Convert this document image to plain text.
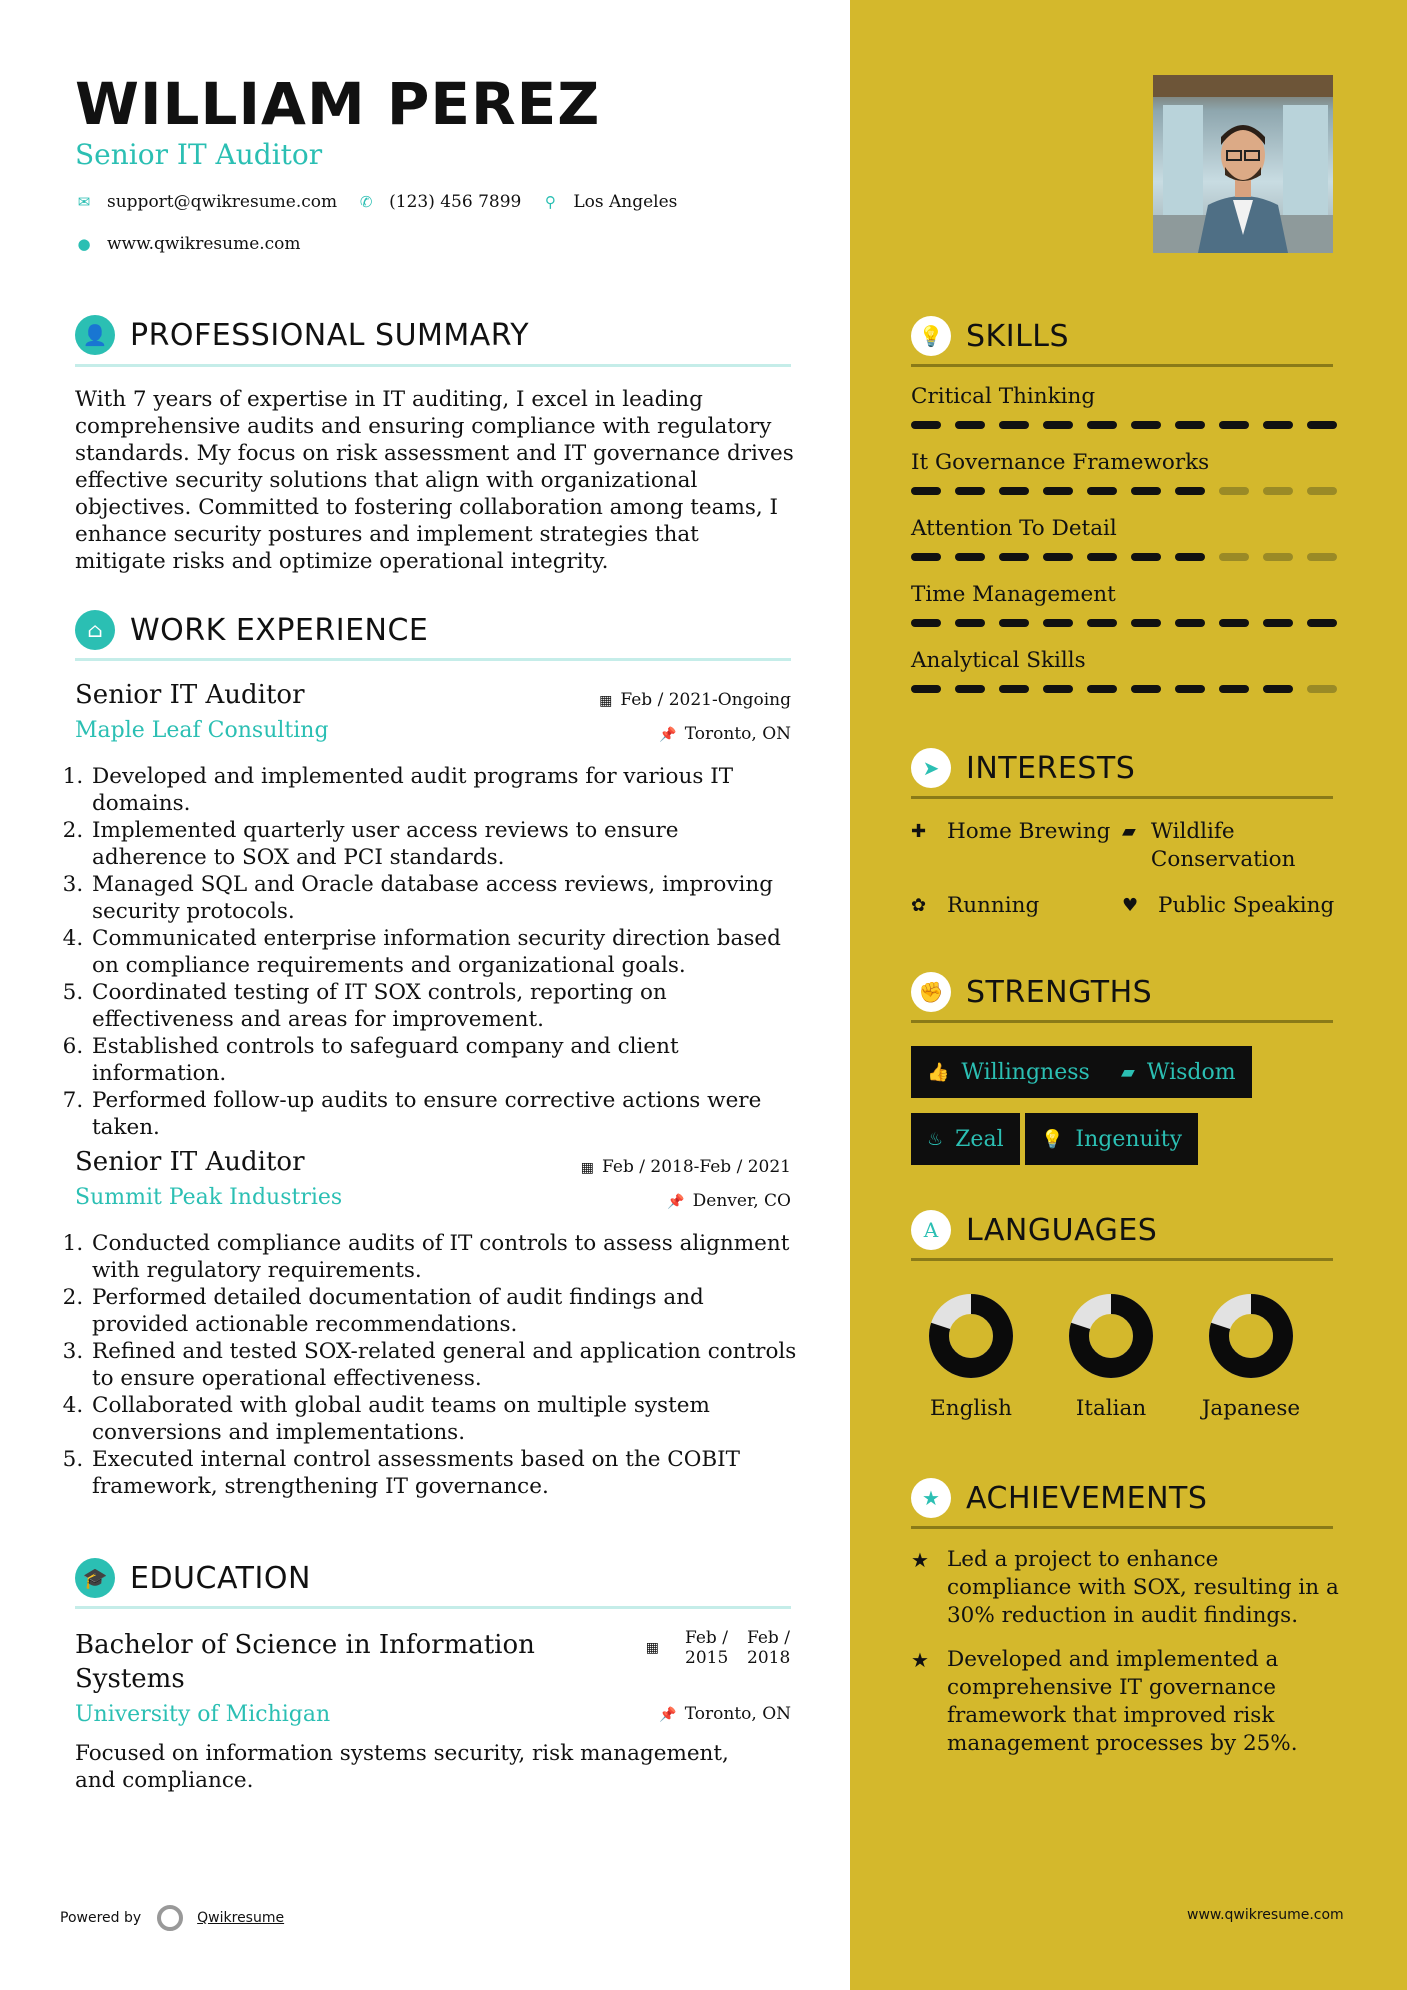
WILLIAM PEREZ
Senior IT Auditor
✉ support@qwikresume.com ✆ (123) 456 7899 ⚲ Los Angeles
● www.qwikresume.com
👤 PROFESSIONAL SUMMARY
With 7 years of expertise in IT auditing, I excel in leading comprehensive audits and ensuring compliance with regulatory standards. My focus on risk assessment and IT governance drives effective security solutions that align with organizational objectives. Committed to fostering collaboration among teams, I enhance security postures and implement strategies that mitigate risks and optimize operational integrity.
⌂ WORK EXPERIENCE
Senior IT Auditor	▦ Feb / 2021-Ongoing
Maple Leaf Consulting	📌 Toronto, ON
1. Developed and implemented audit programs for various IT domains.
2. Implemented quarterly user access reviews to ensure adherence to SOX and PCI standards.
3. Managed SQL and Oracle database access reviews, improving security protocols.
4. Communicated enterprise information security direction based on compliance requirements and organizational goals.
5. Coordinated testing of IT SOX controls, reporting on effectiveness and areas for improvement.
6. Established controls to safeguard company and client information.
7. Performed follow-up audits to ensure corrective actions were taken.
Senior IT Auditor	▦ Feb / 2018-Feb / 2021
Summit Peak Industries	📌 Denver, CO
1. Conducted compliance audits of IT controls to assess alignment with regulatory requirements.
2. Performed detailed documentation of audit findings and provided actionable recommendations.
3. Refined and tested SOX-related general and application controls to ensure operational effectiveness.
4. Collaborated with global audit teams on multiple system conversions and implementations.
5. Executed internal control assessments based on the COBIT framework, strengthening IT governance.
🎓 EDUCATION
Bachelor of Science in Information Systems
▦ Feb / 2015
Feb / 2018
University of Michigan	📌 Toronto, ON
Focused on information systems security, risk management, and compliance.
💡 SKILLS
Critical Thinking
It Governance Frameworks
Attention To Detail
Time Management
Analytical Skills
➤ INTERESTS
✚ Home Brewing ▰ Wildlife Conservation
✿ Running	♥ Public Speaking
✊ STRENGTHS
👍 Willingness ▰ Wisdom
♨ Zeal 💡 Ingenuity
A LANGUAGES
English	Italian	Japanese
★ ACHIEVEMENTS
★ Led a project to enhance compliance with SOX, resulting in a 30% reduction in audit findings.
★ Developed and implemented a comprehensive IT governance framework that improved risk management processes by 25%.
Powered by	Qwikresume	www.qwikresume.com
